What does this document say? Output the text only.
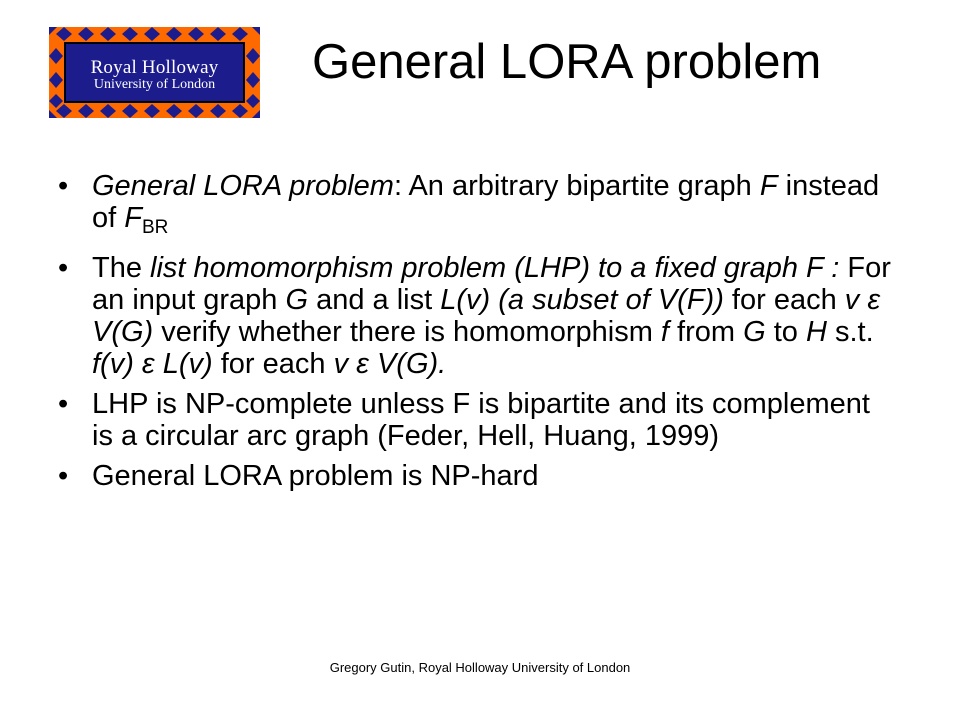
Royal Holloway
University of London General LORA problem
• General LORA problem: An arbitrary bipartite graph F instead of $F_{BR}$
• The list homomorphism problem (LHP) to a fixed graph F : For an input graph G and a list L(v) (a subset of V(F)) for each v ε V(G) verify whether there is homomorphism f from G to H s.t. f(v) ε L(v) for each v ε V(G).
• LHP is NP-complete unless F is bipartite and its complement is a circular arc graph (Feder, Hell, Huang, 1999)
• General LORA problem is NP-hard
Gregory Gutin, Royal Holloway University of London
